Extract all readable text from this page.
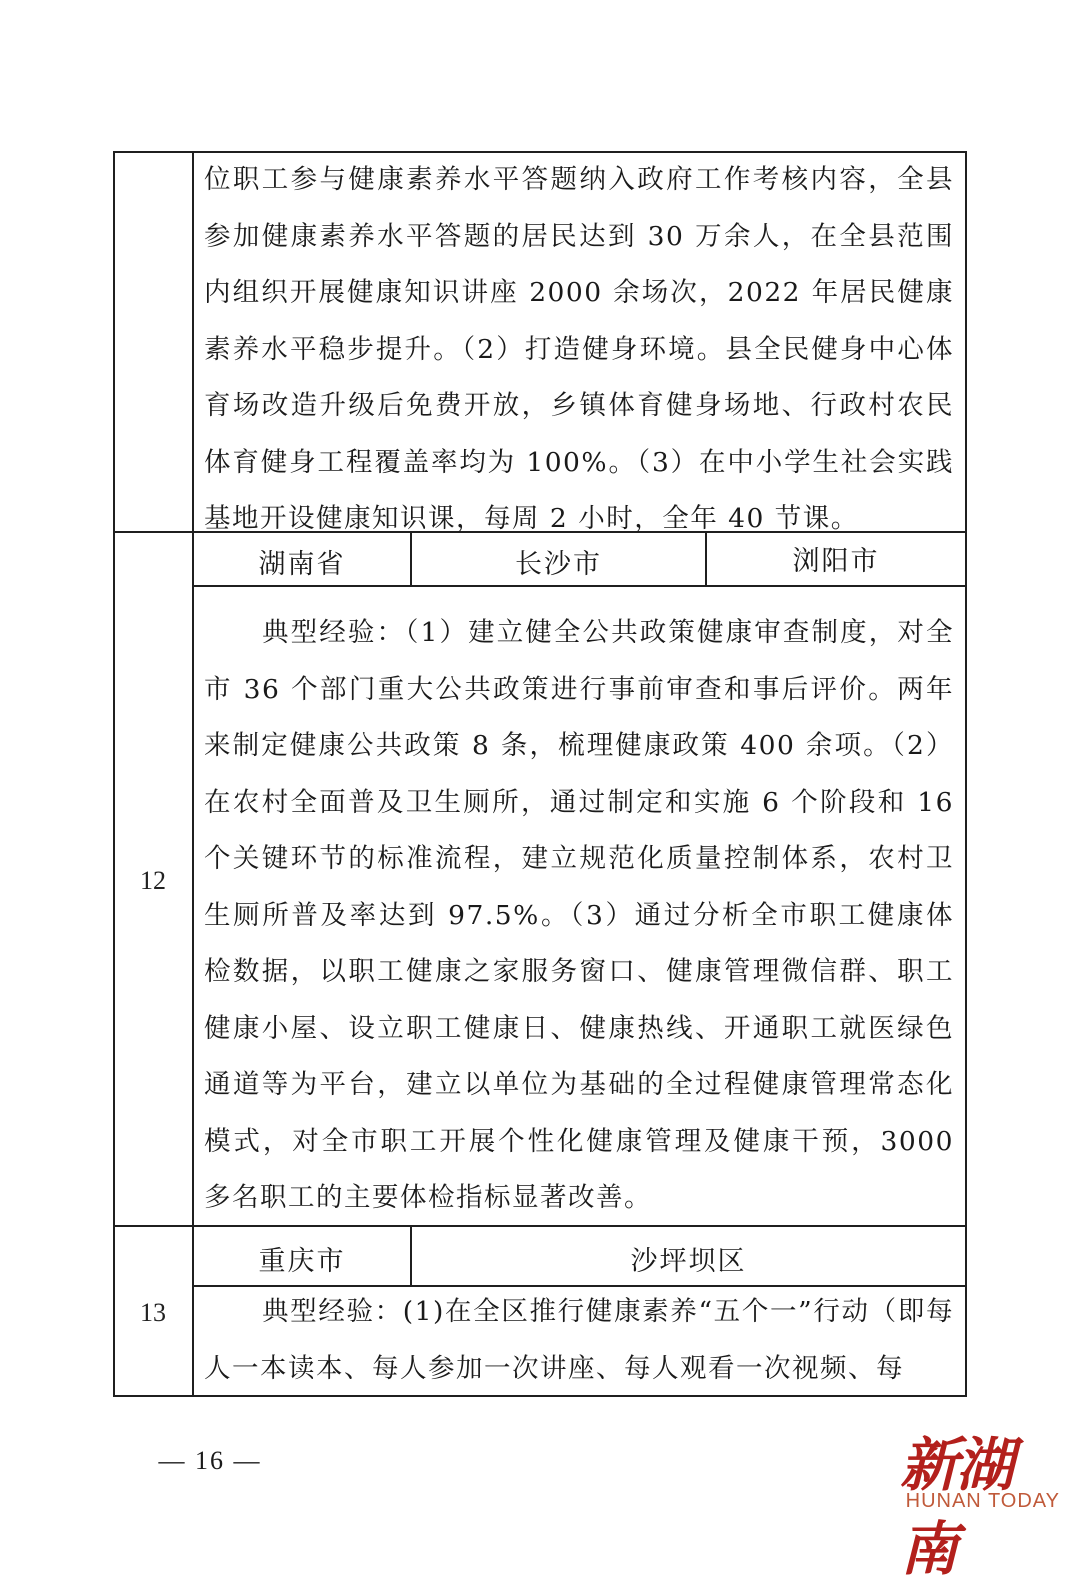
位职工参与健康素养水平答题纳入政府工作考核内容，全县参加健康素养水平答题的居民达到 30 万余人，在全县范围内组织开展健康知识讲座 2000 余场次，2022 年居民健康素养水平稳步提升。（2）打造健身环境。县全民健身中心体育场改造升级后免费开放，乡镇体育健身场地、行政村农民体育健身工程覆盖率均为 100%。（3）在中小学生社会实践基地开设健康知识课，每周 2 小时，全年 40 节课。
12
湖南省	长沙市	浏阳市
典型经验：（1）建立健全公共政策健康审查制度，对全市 36 个部门重大公共政策进行事前审查和事后评价。两年来制定健康公共政策 8 条，梳理健康政策 400 余项。（2）在农村全面普及卫生厕所，通过制定和实施 6 个阶段和 16 个关键环节的标准流程，建立规范化质量控制体系，农村卫生厕所普及率达到 97.5%。（3）通过分析全市职工健康体检数据，以职工健康之家服务窗口、健康管理微信群、职工健康小屋、设立职工健康日、健康热线、开通职工就医绿色通道等为平台，建立以单位为基础的全过程健康管理常态化模式，对全市职工开展个性化健康管理及健康干预，3000 多名职工的主要体检指标显著改善。
13
重庆市	沙坪坝区
典型经验：(1)在全区推行健康素养“五个一”行动（即每人一本读本、每人参加一次讲座、每人观看一次视频、每
— 16 —	新湖南
HUNAN TODAY
